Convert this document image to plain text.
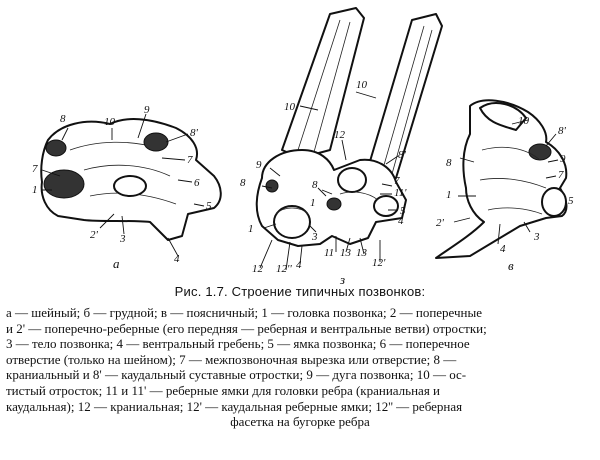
8	10
9
8'
7
7
1
6
5
2' 3
4
а
10
10
9
8
12
8'
8	7
11'
1
1
3
5
4
12 12'' 4
11 13 13
12'
з
10
8'
8	9
7
1	5
2'
4
3
в

Рис. 1.7. Строение типичных позвонков:

а — шейный; б — грудной; в — поясничный; 1 — головка позвонка; 2 — поперечные

и 2' — поперечно-реберные (его передняя — реберная и вентральные ветви) отростки;

3 — тело позвонка; 4 — вентральный гребень; 5 — ямка позвонка; 6 — поперечное

отверстие (только на шейном); 7 — межпозвоночная вырезка или отверстие; 8 —

краниальный и 8' — каудальный суставные отростки; 9 — дуга позвонка; 10 — ос-

тистый отросток; 11 и 11' — реберные ямки для головки ребра (краниальная и

каудальная); 12 — краниальная; 12' — каудальная реберные ямки; 12'' — реберная

фасетка на бугорке ребра
